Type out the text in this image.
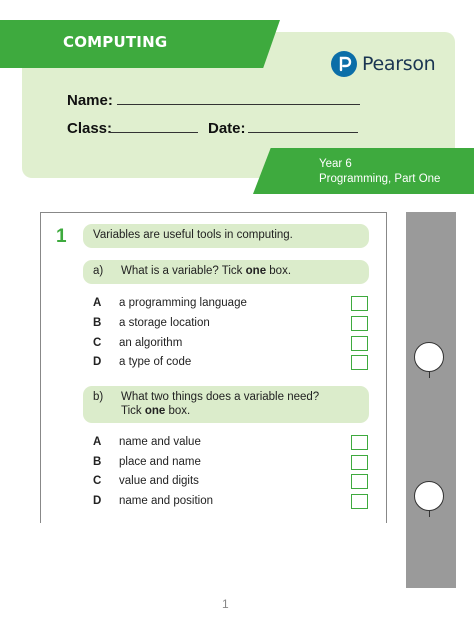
COMPUTING
Pearson
Name:
Class:	Date:
Year 6
Programming, Part One
1 Variables are useful tools in computing.
a) What is a variable? Tick one box.
A a programming language
B a storage location
C an algorithm
D a type of code
b) What two things does a variable need?
Tick one box.
A name and value
B place and name
C value and digits
D name and position
1
